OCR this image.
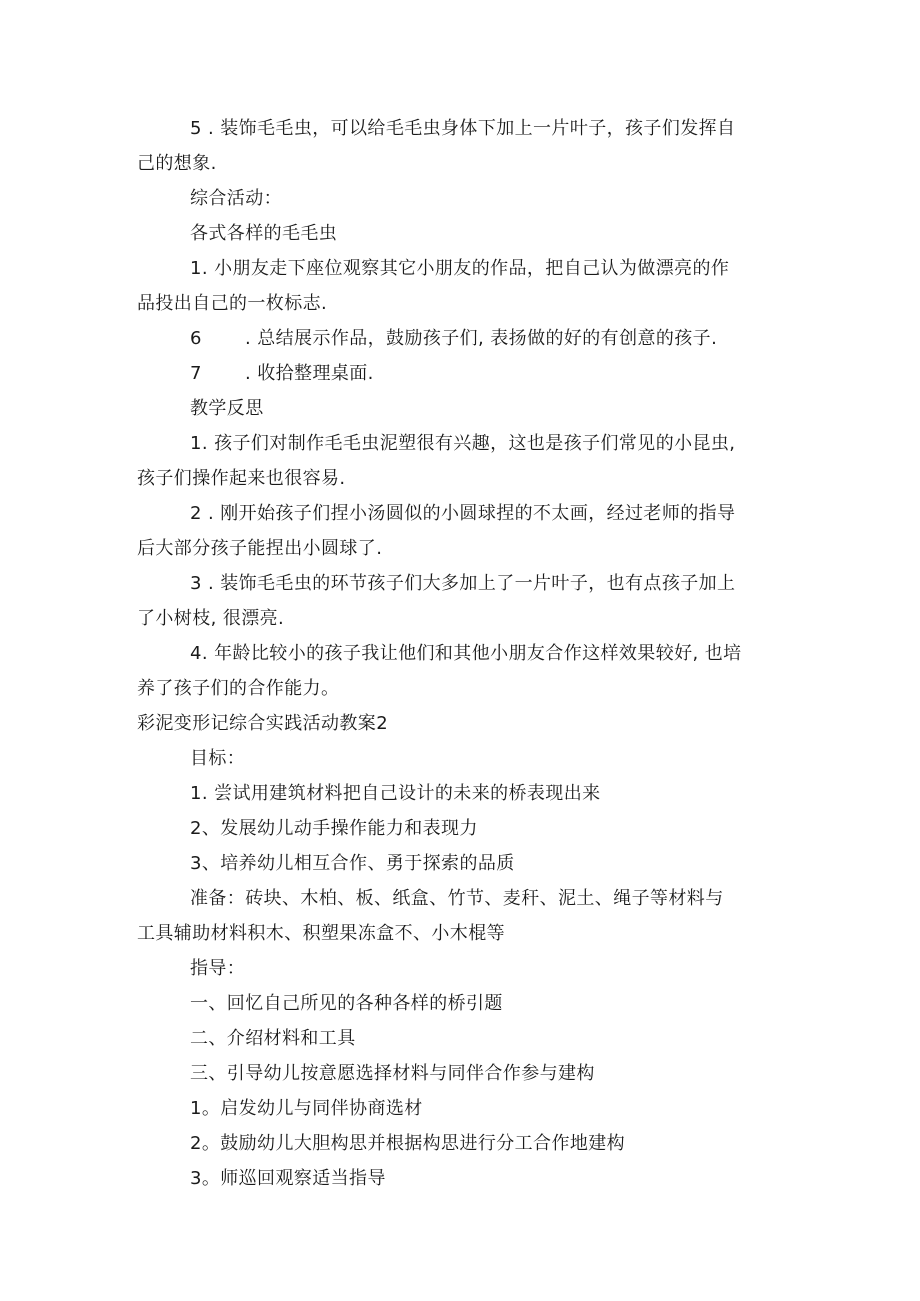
5 . 装饰毛毛虫，可以给毛毛虫身体下加上一片叶子，孩子们发挥自
己的想象.
综合活动：
各式各样的毛毛虫
1. 小朋友走下座位观察其它小朋友的作品，把自己认为做漂亮的作
品投出自己的一枚标志.
6 . 总结展示作品，鼓励孩子们, 表扬做的好的有创意的孩子.
7 . 收拾整理桌面.
教学反思
1. 孩子们对制作毛毛虫泥塑很有兴趣，这也是孩子们常见的小昆虫,
孩子们操作起来也很容易.
2 . 刚开始孩子们捏小汤圆似的小圆球捏的不太画，经过老师的指导
后大部分孩子能捏出小圆球了.
3 . 装饰毛毛虫的环节孩子们大多加上了一片叶子，也有点孩子加上
了小树枝, 很漂亮.
4. 年龄比较小的孩子我让他们和其他小朋友合作这样效果较好, 也培
养了孩子们的合作能力。
彩泥变形记综合实践活动教案2
目标：
1. 尝试用建筑材料把自己设计的未来的桥表现出来
2、发展幼儿动手操作能力和表现力
3、培养幼儿相互合作、勇于探索的品质
准备：砖块、木柏、板、纸盒、竹节、麦秆、泥土、绳子等材料与
工具辅助材料积木、积塑果冻盒不、小木棍等
指导：
一、回忆自己所见的各种各样的桥引题
二、介绍材料和工具
三、引导幼儿按意愿选择材料与同伴合作参与建构
1。启发幼儿与同伴协商选材
2。鼓励幼儿大胆构思并根据构思进行分工合作地建构
3。师巡回观察适当指导
